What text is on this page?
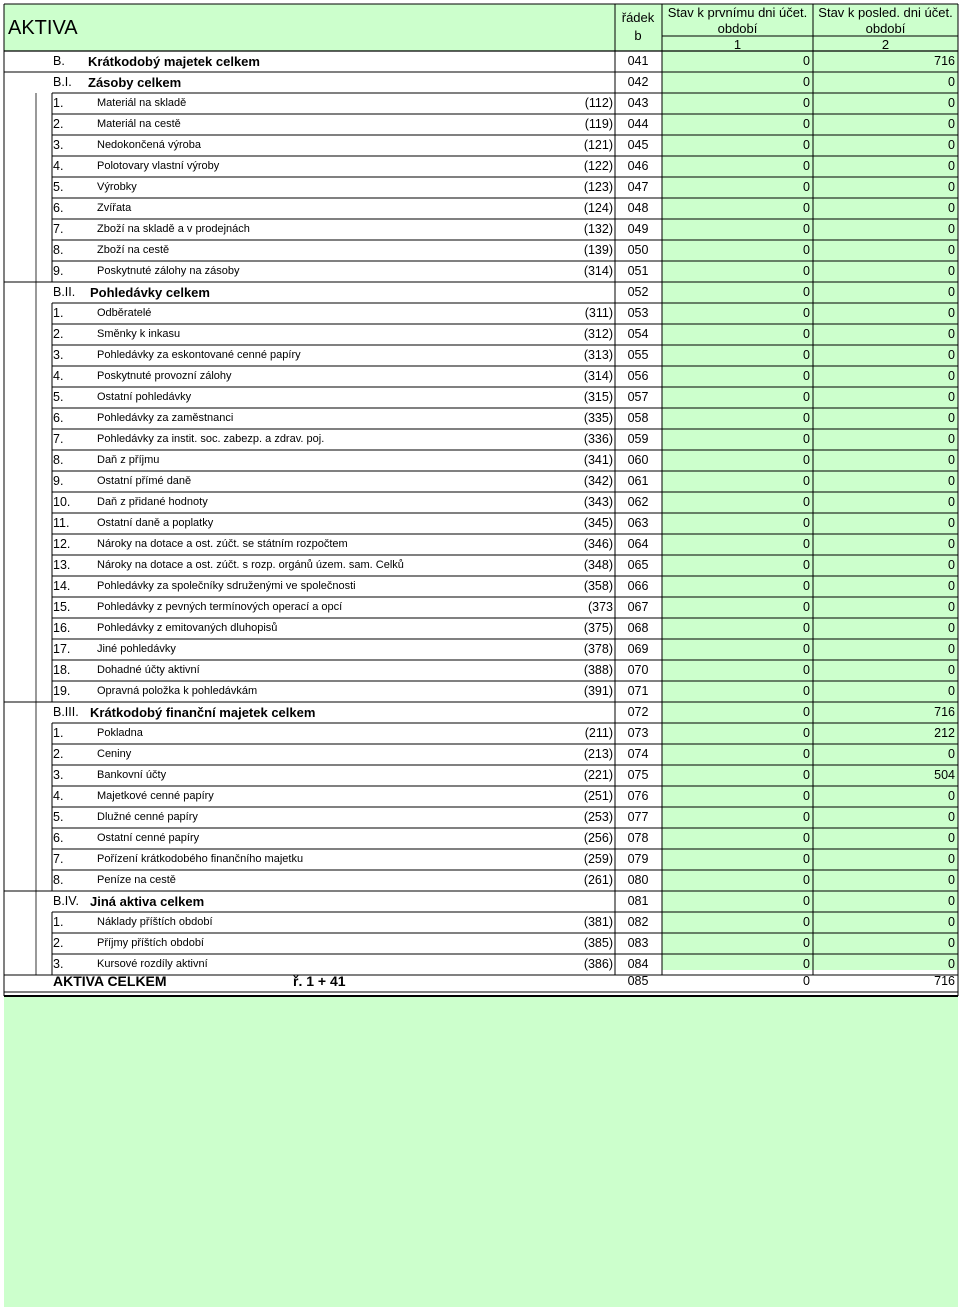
AKTIVA	řádek
b
Stav k prvnímu dni účet.
období
Stav k posled. dni účet.
období
1	2
B.	Krátkodobý majetek celkem	041	0	716
B.I.	Zásoby celkem	042	0	0
1.	Materiál na skladě	(112)	043	0	0
2.	Materiál na cestě	(119)	044	0	0
3.	Nedokončená výroba	(121)	045	0	0
4.	Polotovary vlastní výroby	(122)	046	0	0
5.	Výrobky	(123)	047	0	0
6.	Zvířata	(124)	048	0	0
7.	Zboží na skladě a v prodejnách	(132)	049	0	0
8.	Zboží na cestě	(139)	050	0	0
9.	Poskytnuté zálohy na zásoby	(314)	051	0	0
B.II.	Pohledávky celkem	052	0	0
1.	Odběratelé	(311)	053	0	0
2.	Směnky k inkasu	(312)	054	0	0
3.	Pohledávky za eskontované cenné papíry	(313)	055	0	0
4.	Poskytnuté provozní zálohy	(314)	056	0	0
5.	Ostatní pohledávky	(315)	057	0	0
6.	Pohledávky za zaměstnanci	(335)	058	0	0
7.	Pohledávky za instit. soc. zabezp. a zdrav. poj.	(336)	059	0	0
8.	Daň z příjmu	(341)	060	0	0
9.	Ostatní přímé daně	(342)	061	0	0
10.	Daň z přidané hodnoty	(343)	062	0	0
11.	Ostatní daně a poplatky	(345)	063	0	0
12.	Nároky na dotace a ost. zúčt. se státním rozpočtem	(346)	064	0	0
13.	Nároky na dotace a ost. zúčt. s rozp. orgánů územ. sam. Celků	(348)	065	0	0
14.	Pohledávky za společníky sdruženými ve společnosti	(358)	066	0	0
15.	Pohledávky z pevných termínových operací a opcí	(373	067	0	0
16.	Pohledávky z emitovaných dluhopisů	(375)	068	0	0
17.	Jiné pohledávky	(378)	069	0	0
18.	Dohadné účty aktivní	(388)	070	0	0
19.	Opravná položka k pohledávkám	(391)	071	0	0
B.III. Krátkodobý finanční majetek celkem	072	0	716
1.	Pokladna	(211)	073	0	212
2.	Ceniny	(213)	074	0	0
3.	Bankovní účty	(221)	075	0	504
4.	Majetkové cenné papíry	(251)	076	0	0
5.	Dlužné cenné papíry	(253)	077	0	0
6.	Ostatní cenné papíry	(256)	078	0	0
7.	Pořízení krátkodobého finančního majetku	(259)	079	0	0
8.	Peníze na cestě	(261)	080	0	0
B.IV. Jiná aktiva celkem	081	0	0
1.	Náklady příštích období	(381)	082	0	0
2.	Příjmy příštích období	(385)	083	0	0
3.	Kursové rozdíly aktivní	(386)	084	0	0
AKTIVA CELKEM	ř. 1 + 41	085	0	716
